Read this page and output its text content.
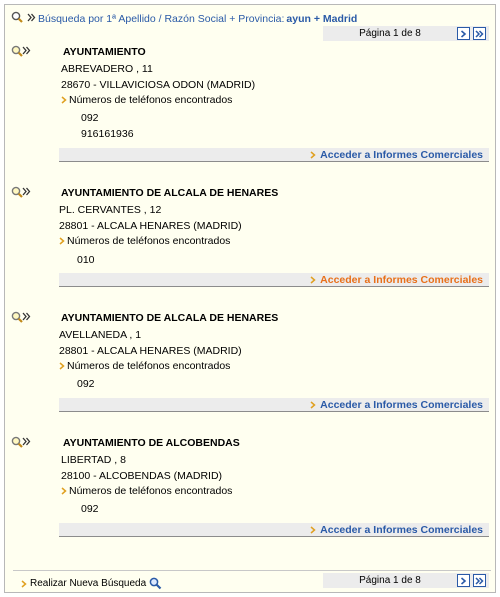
Búsqueda por 1ª Apellido / Razón Social + Provincia: ayun + Madrid
Página 1 de 8
AYUNTAMIENTO
ABREVADERO , 11
28670 - VILLAVICIOSA ODON (MADRID)
Números de teléfonos encontrados
092
916161936
Acceder a Informes Comerciales
AYUNTAMIENTO DE ALCALA DE HENARES
PL. CERVANTES , 12
28801 - ALCALA HENARES (MADRID)
Números de teléfonos encontrados
010
Acceder a Informes Comerciales
AYUNTAMIENTO DE ALCALA DE HENARES
AVELLANEDA , 1
28801 - ALCALA HENARES (MADRID)
Números de teléfonos encontrados
092
Acceder a Informes Comerciales
AYUNTAMIENTO DE ALCOBENDAS
LIBERTAD , 8
28100 - ALCOBENDAS (MADRID)
Números de teléfonos encontrados
092
Acceder a Informes Comerciales
Realizar Nueva Búsqueda	Página 1 de 8
